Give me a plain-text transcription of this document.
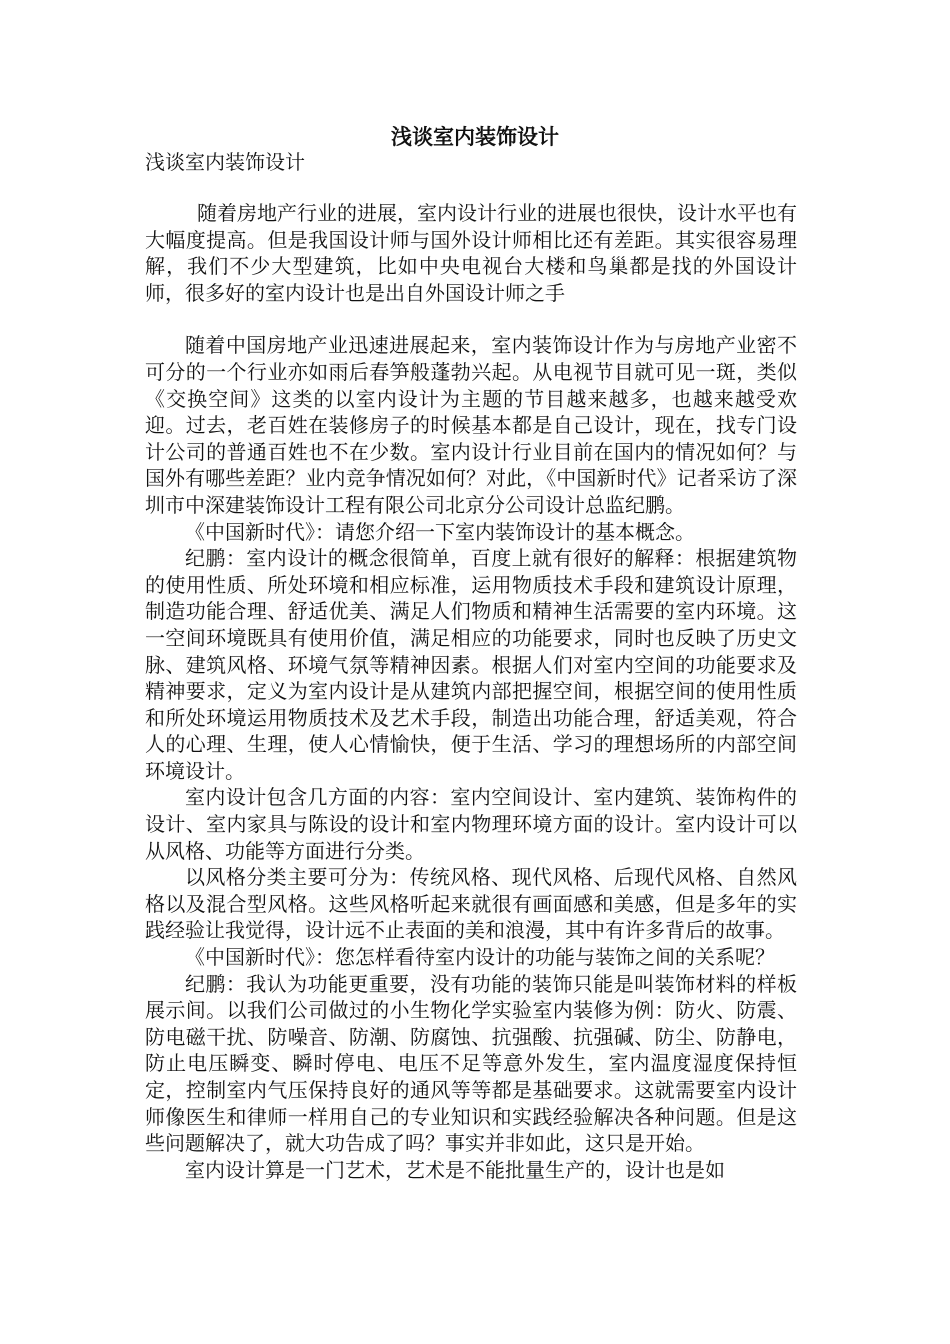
浅谈室内装饰设计

浅谈室内装饰设计

随着房地产行业的进展，室内设计行业的进展也很快，设计水平也有大幅度提高。但是我国设计师与国外设计师相比还有差距。其实很容易理解，我们不少大型建筑，比如中央电视台大楼和鸟巢都是找的外国设计师，很多好的室内设计也是出自外国设计师之手

随着中国房地产业迅速进展起来，室内装饰设计作为与房地产业密不可分的一个行业亦如雨后春笋般蓬勃兴起。从电视节目就可见一斑，类似《交换空间》这类的以室内设计为主题的节目越来越多，也越来越受欢迎。过去，老百姓在装修房子的时候基本都是自己设计，现在，找专门设计公司的普通百姓也不在少数。室内设计行业目前在国内的情况如何？与国外有哪些差距？业内竞争情况如何？对此，《中国新时代》记者采访了深圳市中深建装饰设计工程有限公司北京分公司设计总监纪鹏。

《中国新时代》：请您介绍一下室内装饰设计的基本概念。

纪鹏：室内设计的概念很简单，百度上就有很好的解释：根据建筑物的使用性质、所处环境和相应标准，运用物质技术手段和建筑设计原理，制造功能合理、舒适优美、满足人们物质和精神生活需要的室内环境。这一空间环境既具有使用价值，满足相应的功能要求，同时也反映了历史文脉、建筑风格、环境气氛等精神因素。根据人们对室内空间的功能要求及精神要求，定义为室内设计是从建筑内部把握空间，根据空间的使用性质和所处环境运用物质技术及艺术手段，制造出功能合理，舒适美观，符合人的心理、生理，使人心情愉快，便于生活、学习的理想场所的内部空间环境设计。

室内设计包含几方面的内容：室内空间设计、室内建筑、装饰构件的设计、室内家具与陈设的设计和室内物理环境方面的设计。室内设计可以从风格、功能等方面进行分类。

以风格分类主要可分为：传统风格、现代风格、后现代风格、自然风格以及混合型风格。这些风格听起来就很有画面感和美感，但是多年的实践经验让我觉得，设计远不止表面的美和浪漫，其中有许多背后的故事。

《中国新时代》：您怎样看待室内设计的功能与装饰之间的关系呢？

纪鹏：我认为功能更重要，没有功能的装饰只能是叫装饰材料的样板展示间。以我们公司做过的小生物化学实验室内装修为例：防火、防震、防电磁干扰、防噪音、防潮、防腐蚀、抗强酸、抗强碱、防尘、防静电，防止电压瞬变、瞬时停电、电压不足等意外发生，室内温度湿度保持恒定，控制室内气压保持良好的通风等等都是基础要求。这就需要室内设计师像医生和律师一样用自己的专业知识和实践经验解决各种问题。但是这些问题解决了，就大功告成了吗？事实并非如此，这只是开始。

室内设计算是一门艺术，艺术是不能批量生产的，设计也是如
